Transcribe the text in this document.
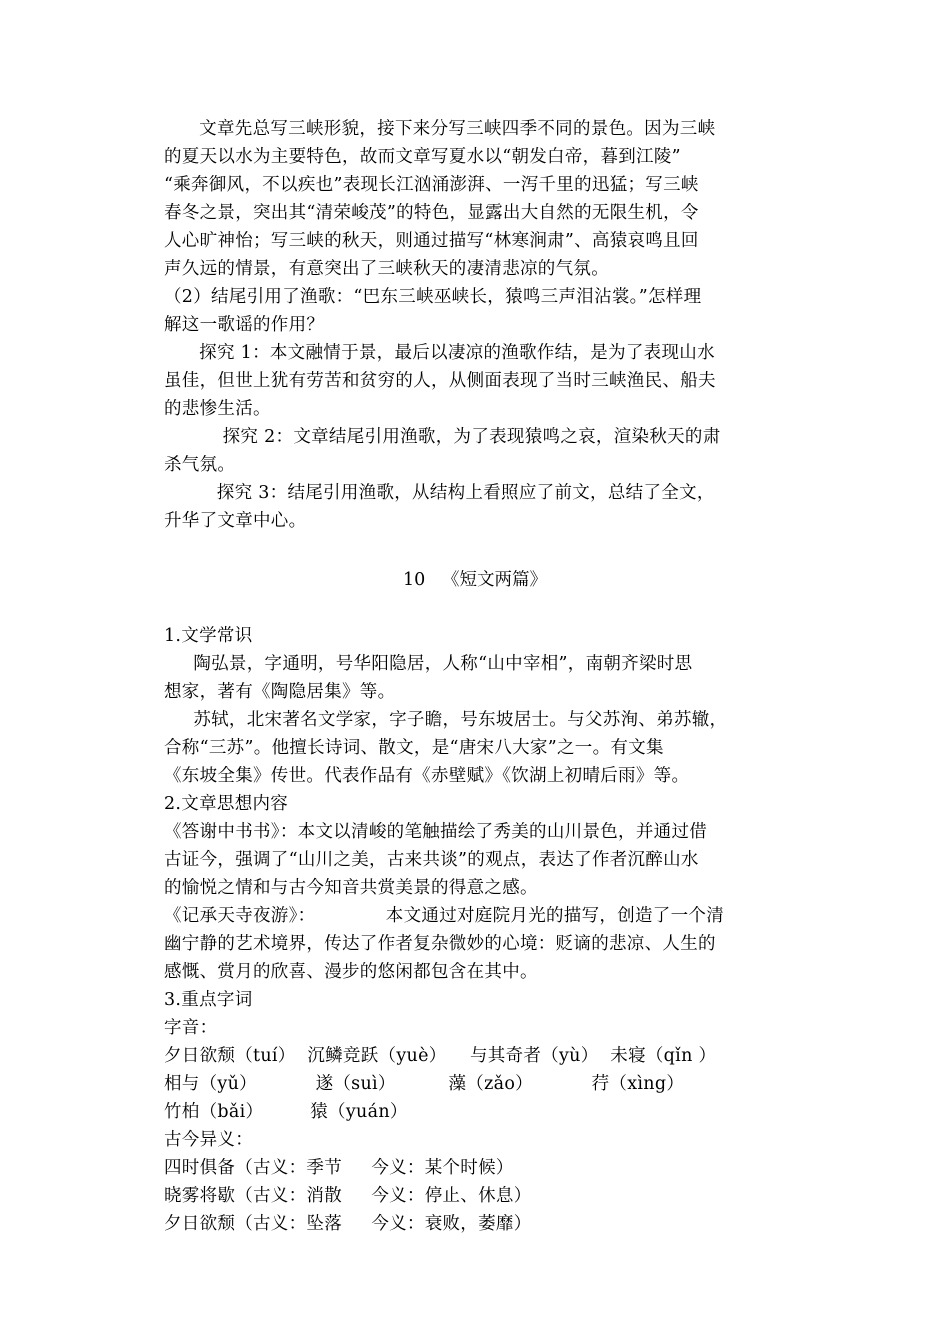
文章先总写三峡形貌，接下来分写三峡四季不同的景色。因为三峡
的夏天以水为主要特色，故而文章写夏水以“朝发白帝，暮到江陵”
“乘奔御风，不以疾也”表现长江汹涌澎湃、一泻千里的迅猛；写三峡
春冬之景，突出其“清荣峻茂”的特色，显露出大自然的无限生机，令
人心旷神怡；写三峡的秋天，则通过描写“林寒涧肃”、高猿哀鸣且回
声久远的情景，有意突出了三峡秋天的凄清悲凉的气氛。
（2）结尾引用了渔歌：“巴东三峡巫峡长，猿鸣三声泪沾裳。”怎样理
解这一歌谣的作用？
探究 1：本文融情于景，最后以凄凉的渔歌作结，是为了表现山水
虽佳，但世上犹有劳苦和贫穷的人，从侧面表现了当时三峡渔民、船夫
的悲惨生活。
探究 2：文章结尾引用渔歌，为了表现猿鸣之哀，渲染秋天的肃
杀气氛。
探究 3：结尾引用渔歌，从结构上看照应了前文，总结了全文，
升华了文章中心。
10   《短文两篇》
1.文学常识
陶弘景，字通明，号华阳隐居，人称“山中宰相”，南朝齐梁时思
想家，著有《陶隐居集》等。
苏轼，北宋著名文学家，字子瞻，号东坡居士。与父苏洵、弟苏辙，
合称“三苏”。他擅长诗词、散文，是“唐宋八大家”之一。有文集
《东坡全集》传世。代表作品有《赤壁赋》《饮湖上初晴后雨》等。
2.文章思想内容
《答谢中书书》：本文以清峻的笔触描绘了秀美的山川景色，并通过借
古证今，强调了“山川之美，古来共谈”的观点，表达了作者沉醉山水
的愉悦之情和与古今知音共赏美景的得意之感。
《记承天寺夜游》：            本文通过对庭院月光的描写，创造了一个清
幽宁静的艺术境界，传达了作者复杂微妙的心境：贬谪的悲凉、人生的
感慨、赏月的欣喜、漫步的悠闲都包含在其中。
3.重点字词
字音：
夕日欲颓（tuí）  沉鳞竞跃（yuè）    与其奇者（yù）  未寝（qǐn ）
相与（yǔ）          遂（suì）         藻（zǎo）          荇（xìng）
竹柏（bǎi）        猿（yuán）
古今异义：
四时俱备（古义：季节     今义：某个时候）
晓雾将歇（古义：消散     今义：停止、休息）
夕日欲颓（古义：坠落     今义：衰败，萎靡）
